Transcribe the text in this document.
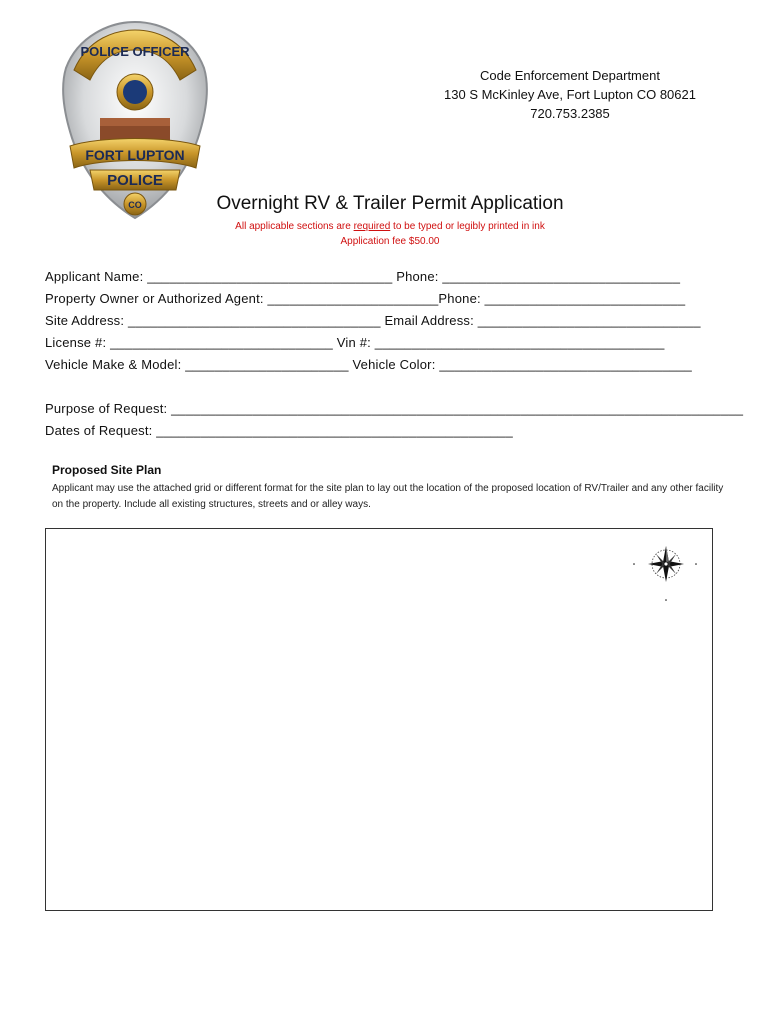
POLICE OFFICER
FORT LUPTON
POLICE
CO
Code Enforcement Department
130 S McKinley Ave, Fort Lupton CO 80621
720.753.2385
Overnight RV & Trailer Permit Application
All applicable sections are required to be typed or legibly printed in ink
Application fee $50.00
Applicant Name: _________________________________ Phone: ________________________________
Property Owner or Authorized Agent: _______________________Phone: ___________________________
Site Address: __________________________________ Email Address: ______________________________
License #: ______________________________ Vin #: _______________________________________
Vehicle Make & Model: ______________________ Vehicle Color: __________________________________
Purpose of Request: _____________________________________________________________________________
Dates of Request: ________________________________________________
Proposed Site Plan
Applicant may use the attached grid or different format for the site plan to lay out the location of the proposed location of RV/Trailer and any other facility on the property. Include all existing structures, streets and or alley ways.
